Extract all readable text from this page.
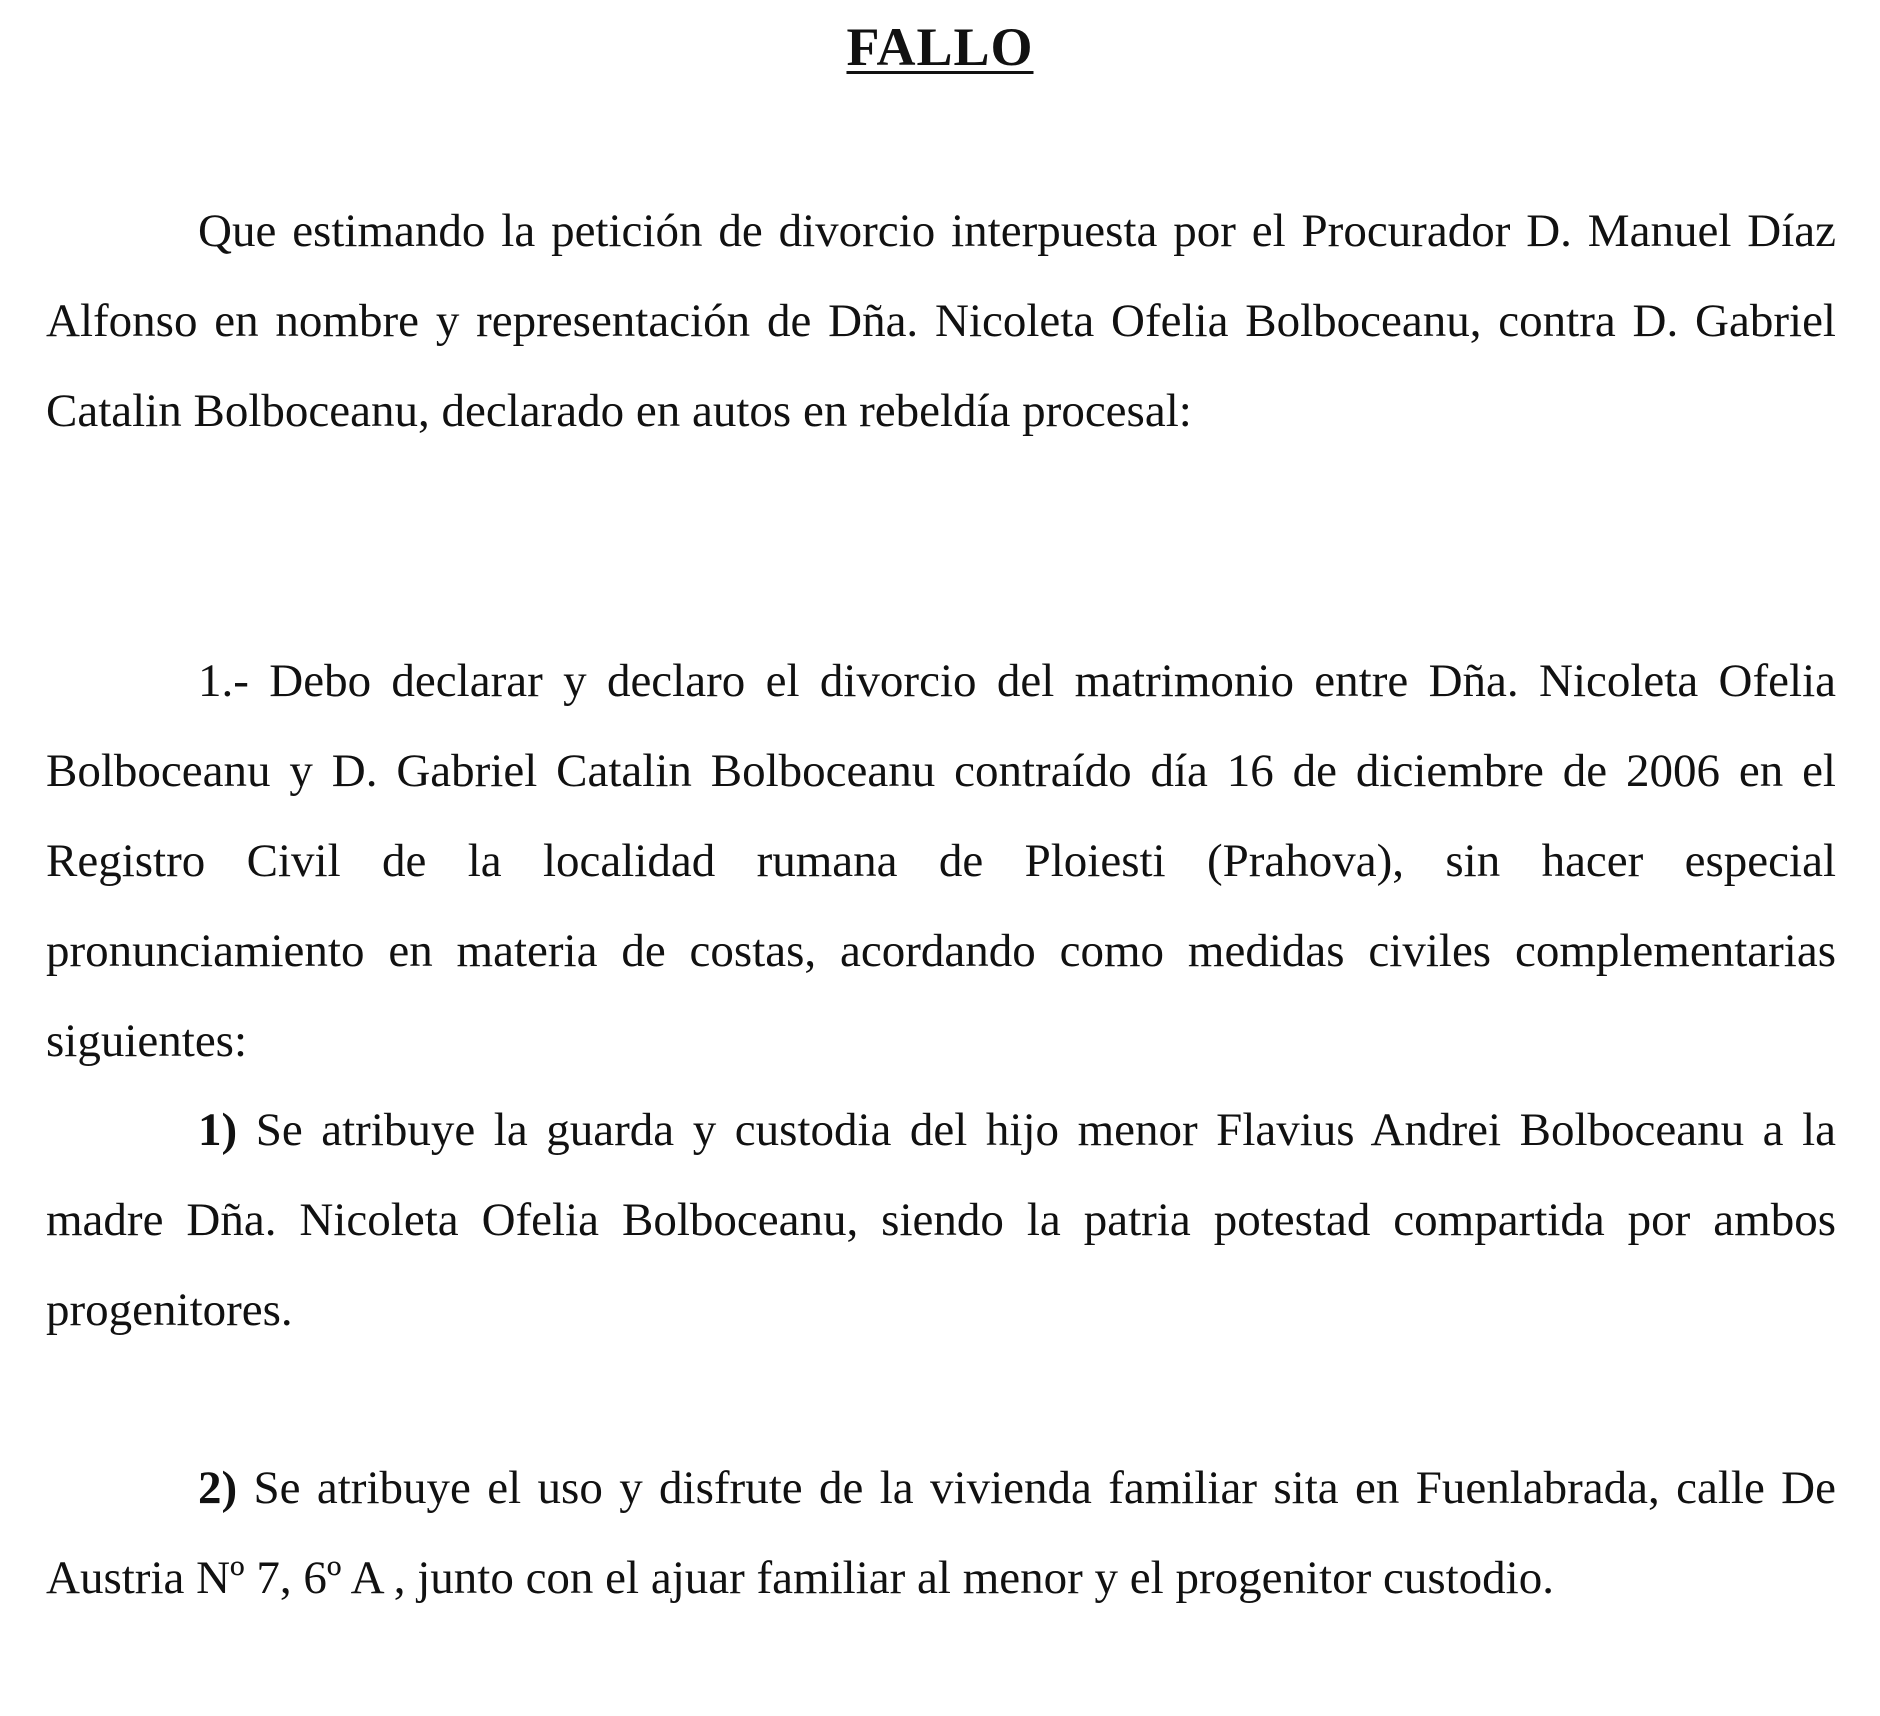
FALLO

Que estimando la petición de divorcio interpuesta por el Procurador D. Manuel Díaz Alfonso en nombre y representación de Dña. Nicoleta Ofelia Bolboceanu, contra D. Gabriel Catalin Bolboceanu, declarado en autos en rebeldía procesal:

1.- Debo declarar y declaro el divorcio del matrimonio entre Dña. Nicoleta Ofelia Bolboceanu y D. Gabriel Catalin Bolboceanu contraído día 16 de diciembre de 2006 en el Registro Civil de la localidad rumana de Ploiesti (Prahova), sin hacer especial pronunciamiento en materia de costas, acordando como medidas civiles complementarias siguientes:

1) Se atribuye la guarda y custodia del hijo menor Flavius Andrei Bolboceanu a la madre Dña. Nicoleta Ofelia Bolboceanu, siendo la patria potestad compartida por ambos progenitores.

2) Se atribuye el uso y disfrute de la vivienda familiar sita en Fuenlabrada, calle De Austria Nº 7, 6º A , junto con el ajuar familiar al menor y el progenitor custodio.
